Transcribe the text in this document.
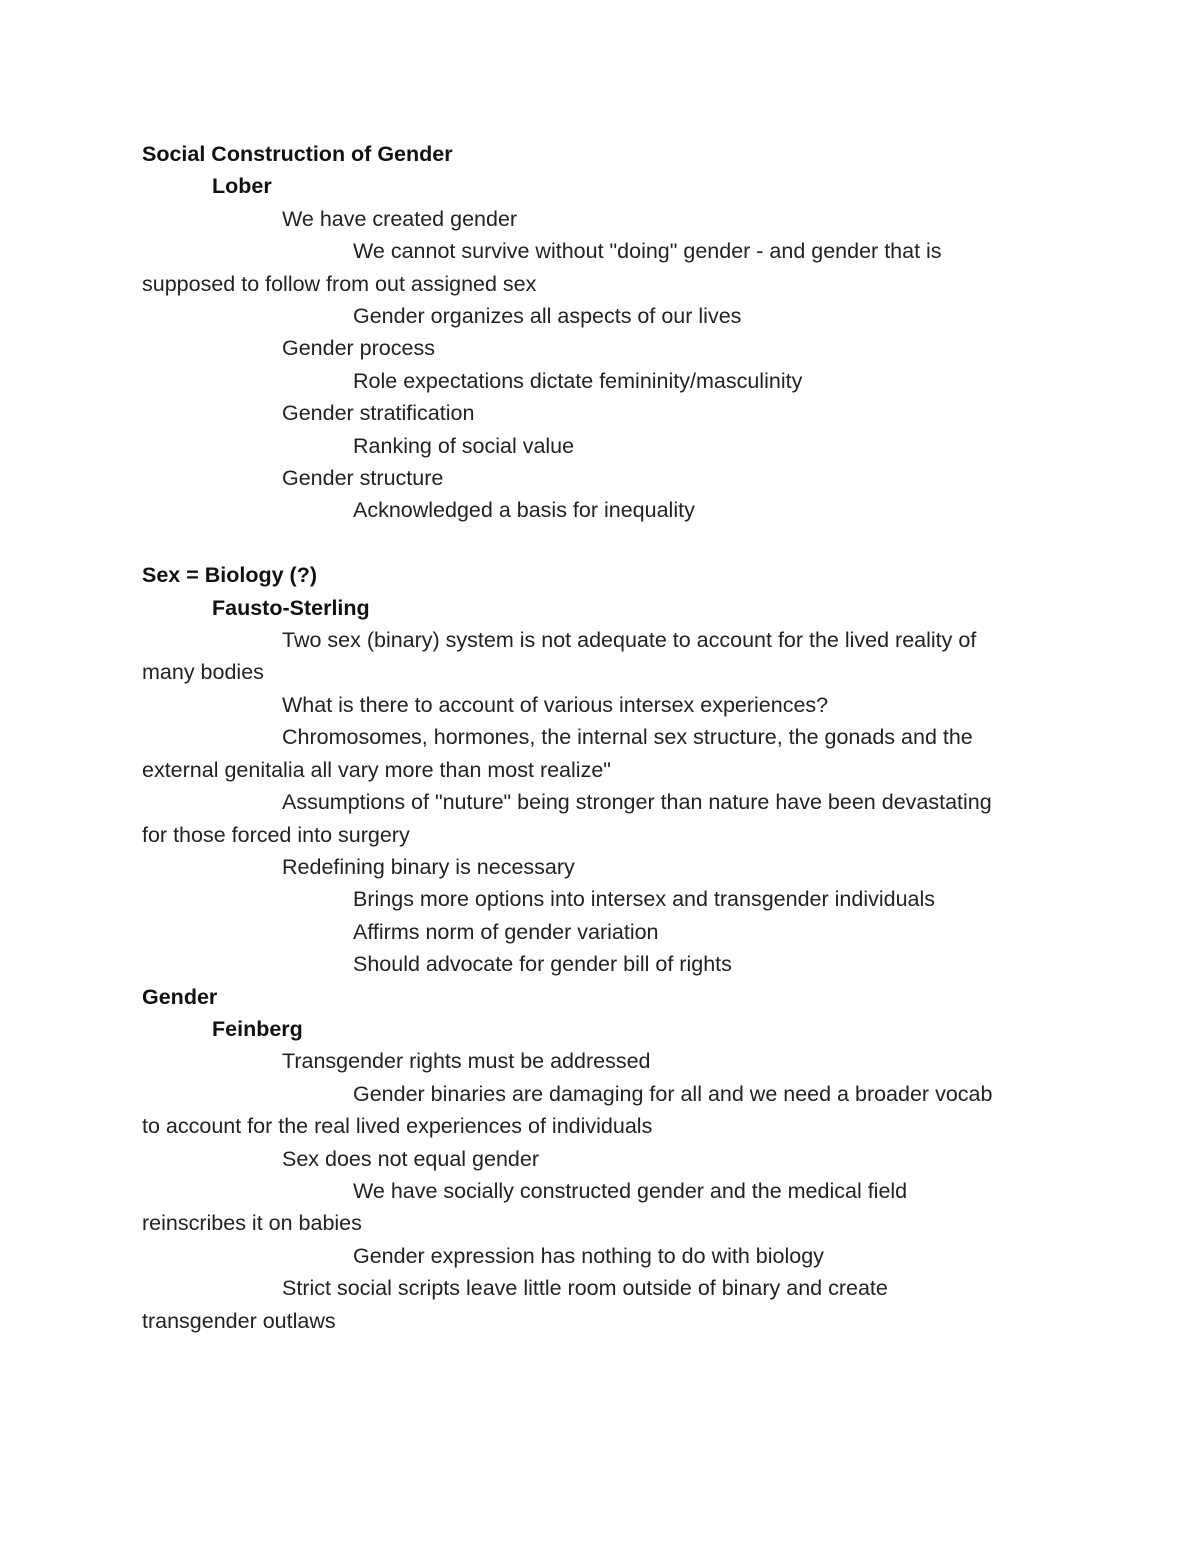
Social Construction of Gender
Lober
We have created gender
We cannot survive without "doing" gender - and gender that is
supposed to follow from out assigned sex
Gender organizes all aspects of our lives
Gender process
Role expectations dictate femininity/masculinity
Gender stratification
Ranking of social value
Gender structure
Acknowledged a basis for inequality
Sex = Biology (?)
Fausto-Sterling
Two sex (binary) system is not adequate to account for the lived reality of
many bodies
What is there to account of various intersex experiences?
Chromosomes, hormones, the internal sex structure, the gonads and the
external genitalia all vary more than most realize"
Assumptions of "nuture" being stronger than nature have been devastating
for those forced into surgery
Redefining binary is necessary
Brings more options into intersex and transgender individuals
Affirms norm of gender variation
Should advocate for gender bill of rights
Gender
Feinberg
Transgender rights must be addressed
Gender binaries are damaging for all and we need a broader vocab
to account for the real lived experiences of individuals
Sex does not equal gender
We have socially constructed gender and the medical field
reinscribes it on babies
Gender expression has nothing to do with biology
Strict social scripts leave little room outside of binary and create
transgender outlaws
